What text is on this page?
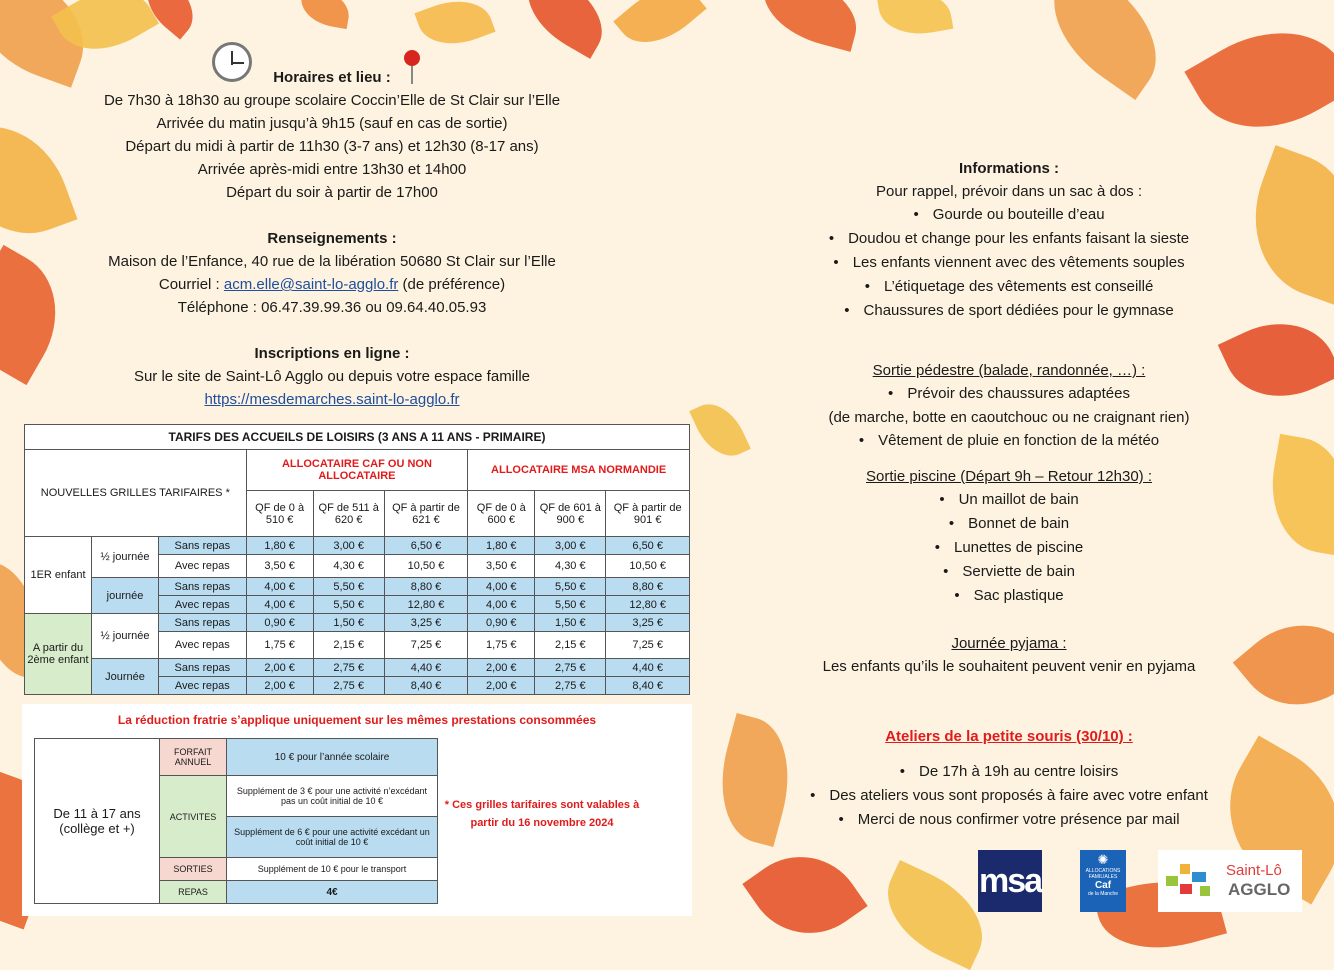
Horaires et lieu :
De 7h30 à 18h30 au groupe scolaire Coccin’Elle de St Clair sur l’Elle
Arrivée du matin jusqu’à 9h15 (sauf en cas de sortie)
Départ du midi à partir de 11h30 (3-7 ans) et 12h30 (8-17 ans)
Arrivée après-midi entre 13h30 et 14h00
Départ du soir à partir de 17h00
Renseignements :
Maison de l’Enfance, 40 rue de la libération 50680 St Clair sur l’Elle
Courriel : acm.elle@saint-lo-agglo.fr (de préférence)
Téléphone : 06.47.39.99.36 ou 09.64.40.05.93
Inscriptions en ligne :
Sur le site de Saint-Lô Agglo ou depuis votre espace famille
https://mesdemarches.saint-lo-agglo.fr
TARIFS DES ACCUEILS DE LOISIRS (3 ANS A 11 ANS - PRIMAIRE)								
NOUVELLES GRILLES TARIFAIRES *			ALLOCATAIRE CAF OU NON ALLOCATAIRE			ALLOCATAIRE MSA NORMANDIE		
			QF de 0 à 510 €	QF de 511 à 620 €	QF à partir de 621 €	QF de 0 à 600 €	QF de 601 à 900 €	QF à partir de 901 €
1ER enfant	½ journée	Sans repas	1,80 €	3,00 €	6,50 €	1,80 €	3,00 €	6,50 €
		Avec repas	3,50 €	4,30 €	10,50 €	3,50 €	4,30 €	10,50 €
	journée	Sans repas	4,00 €	5,50 €	8,80 €	4,00 €	5,50 €	8,80 €
		Avec repas	4,00 €	5,50 €	12,80 €	4,00 €	5,50 €	12,80 €
A partir du 2ème enfant	½ journée	Sans repas	0,90 €	1,50 €	3,25 €	0,90 €	1,50 €	3,25 €
		Avec repas	1,75 €	2,15 €	7,25 €	1,75 €	2,15 €	7,25 €
	Journée	Sans repas	2,00 €	2,75 €	4,40 €	2,00 €	2,75 €	4,40 €
		Avec repas	2,00 €	2,75 €	8,40 €	2,00 €	2,75 €	8,40 €
La réduction fratrie s’applique uniquement sur les mêmes prestations consommées
De 11 à 17 ans (collège et +)	FORFAIT ANNUEL	10 € pour l’année scolaire
	ACTIVITES	Supplément de 3 € pour une activité n’excédant pas un coût initial de 10 €
		Supplément de 6 € pour une activité excédant un coût initial de 10 €
	SORTIES	Supplément de 10 € pour le transport
	REPAS	4€
* Ces grilles tarifaires sont valables à partir du 16 novembre 2024
Informations :
Pour rappel, prévoir dans un sac à dos :
• Gourde ou bouteille d’eau
• Doudou et change pour les enfants faisant la sieste
• Les enfants viennent avec des vêtements souples
• L’étiquetage des vêtements est conseillé
• Chaussures de sport dédiées pour le gymnase
Sortie pédestre (balade, randonnée, …) :
• Prévoir des chaussures adaptées
(de marche, botte en caoutchouc ou ne craignant rien)
• Vêtement de pluie en fonction de la météo
Sortie piscine (Départ 9h – Retour 12h30) :
• Un maillot de bain
• Bonnet de bain
• Lunettes de piscine
• Serviette de bain
• Sac plastique
Journée pyjama :
Les enfants qu’ils le souhaitent peuvent venir en pyjama
Ateliers de la petite souris (30/10) :
• De 17h à 19h au centre loisirs
• Des ateliers vous sont proposés à faire avec votre enfant
• Merci de nous confirmer votre présence par mail
msa
✺
ALLOCATIONS FAMILIALES
Caf
de la Manche
Saint-Lô
AGGLO
